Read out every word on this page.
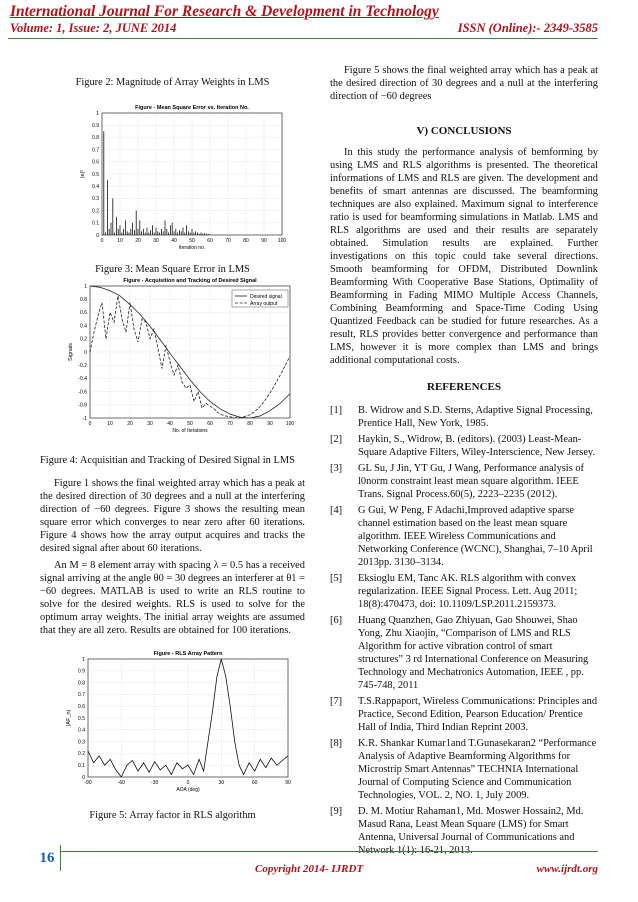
International Journal For Research & Development in Technology
Volume: 1, Issue: 2, JUNE 2014	ISSN (Online):- 2349-3585

Figure 2: Magnitude of Array Weights in LMS

Figure - Mean Square Error vs. Iteration No.
0	10 20 30 40 50 60 70 80 90 100
0
0.1
0.2
0.3
0.4
0.5
0.6
0.7
0.8
0.9
1
Iteration no.
|e|²

Figure 3: Mean Square Error in LMS

Figure - Acquisition and Tracking of Desired Signal
0	10	20	30	40	50	60	70	80	90	100
-1
-0.8
-0.6
-0.4
-0.2
0
0.2
0.4
0.6
0.8
1
No. of Iterations
Signals
Desired signal
Array output

Figure 4: Acquisitian and Tracking of Desired Signal in LMS

Figure 1 shows the final weighted array which has a peak at the desired direction of 30 degrees and a null at the interfering direction of −60 degrees. Figure 3 shows the resulting mean square error which converges to near zero after 60 iterations. Figure 4 shows how the array output acquires and tracks the desired signal after about 60 iterations.

An M = 8 element array with spacing λ = 0.5 has a received signal arriving at the angle θ0 = 30 degrees an interferer at θ1 = −60 degrees. MATLAB is used to write an RLS routine to solve for the desired weights. RLS is used to solve for the optimum array weights. The initial array weights are assumed that they are all zero. Results are obtained for 100 iterations.

Figure - RLS Array Pattern
-90	-60	-30	0	30	60	90
0
0.1
0.2
0.3
0.4
0.5
0.6
0.7
0.8
0.9
1
AOA (deg)
|AF_n|

Figure 5: Array factor in RLS algorithm

Figure 5 shows the final weighted array which has a peak at the desired direction of 30 degrees and a null at the interfering direction of −60 degrees

V) CONCLUSIONS

In this study the performance analysis of bemforming by using LMS and RLS algorithms is presented. The theoretical informations of LMS and RLS are given. The development and benefits of smart antennas are discussed. The beamforming techniques are also explained. Maximum signal to interference ratio is used for beamforming simulations in Matlab. LMS and RLS algorithms are used and their results are separately obtained. Simulation results are explained. Further investigations on this topic could take several directions. Smooth beamforming for OFDM, Distributed Downlink Beamforming With Cooperative Base Stations, Optimality of Beamforming in Fading MIMO Multiple Access Channels, Combining Beamforming and Space-Time Coding Using Quantized Feedback can be studied for future researches. As a result, RLS provides better convergence and performance than LMS, however it is more complex than LMS and brings additional computational costs.

REFERENCES

[1] B. Widrow and S.D. Sterns, Adaptive Signal Processing, Prentice Hall, New York, 1985.

[2] Haykin, S., Widrow, B. (editors). (2003) Least-Mean-Square Adaptive Filters, Wiley-Interscience, New Jersey.

[3] GL Su, J Jin, YT Gu, J Wang, Performance analysis of l0norm constraint least mean square algorithm. IEEE Trans. Signal Process.60(5), 2223–2235 (2012).

[4] G Gui, W Peng, F Adachi,Improved adaptive sparse channel estimation based on the least mean square algorithm. IEEE Wireless Communications and Networking Conference (WCNC), Shanghai, 7–10 April 2013pp. 3130–3134.

[5] Eksioglu EM, Tanc AK. RLS algorithm with convex regularization. IEEE Signal Process. Lett. Aug 2011; 18(8):470473, doi: 10.1109/LSP.2011.2159373.

[6] Huang Quanzhen, Gao Zhiyuan, Gao Shouwei, Shao Yong, Zhu Xiaojin, “Comparison of LMS and RLS Algorithm for active vibration control of smart structures” 3 rd International Conference on Measuring Technology and Mechatronics Automation, IEEE , pp. 745-748, 2011

[7] T.S.Rappaport, Wireless Communications: Principles and Practice, Second Edition, Pearson Education/ Prentice Hall of India, Third Indian Reprint 2003.

[8] K.R. Shankar Kumar1and T.Gunasekaran2 “Performance Analysis of Adaptive Beamforming Algorithms for Microstrip Smart Antennas” TECHNIA International Journal of Computing Science and Communication Technologies, VOL. 2, NO. 1, July 2009.

[9] D. M. Motiur Rahaman1, Md. Moswer Hossain2, Md. Masud Rana, Least Mean Square (LMS) for Smart Antenna, Universal Journal of Communications and Network 1(1): 16-21, 2013.

16
Copyright 2014- IJRDT	www.ijrdt.org
